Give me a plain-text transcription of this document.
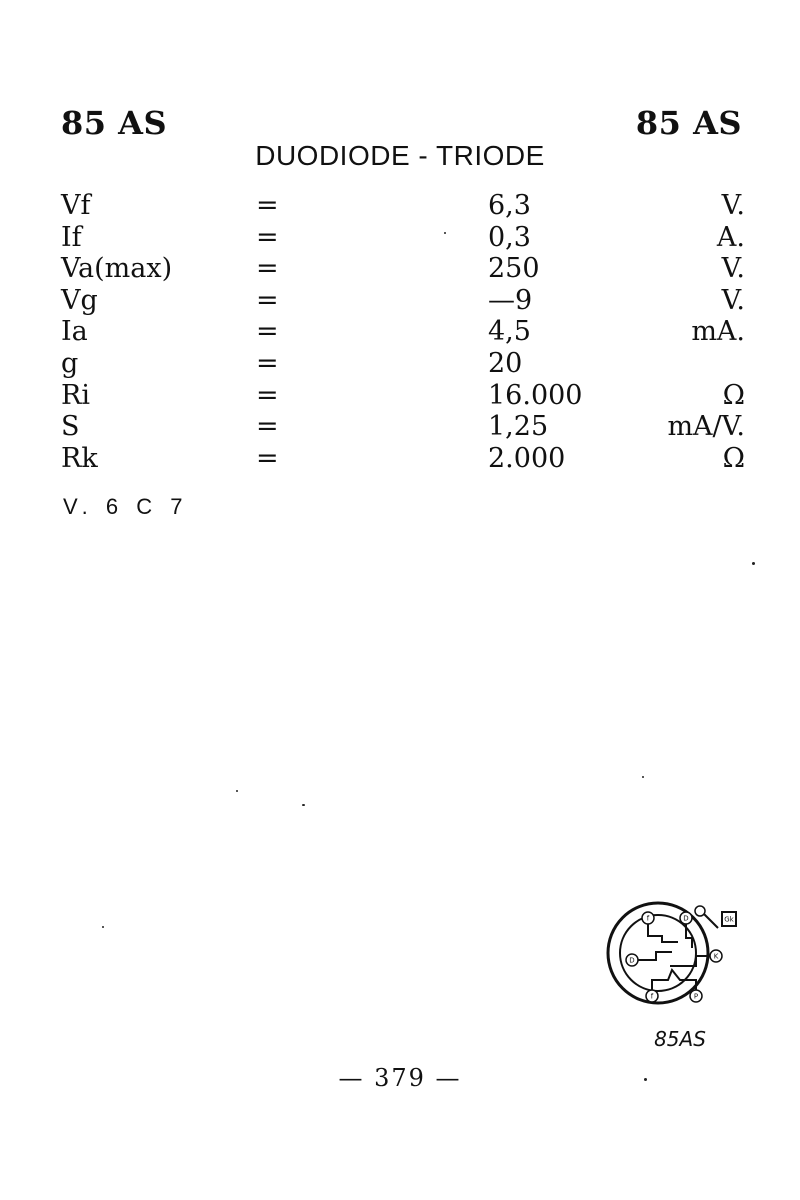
85 AS	85 AS
DUODIODE - TRIODE
Vf	=	6,3	V.
If	=	0,3	A.
Va(max)	=	250	V.
Vg	=	—9	V.
Ia	=	4,5	mA.
g	=	20
Ri	=	16.000	Ω
S	=	1,25	mA/V.
Rk	=	2.000	Ω
V. 6 C 7
f	D
K
D
f	P
Gk
85AS
— 379 —
